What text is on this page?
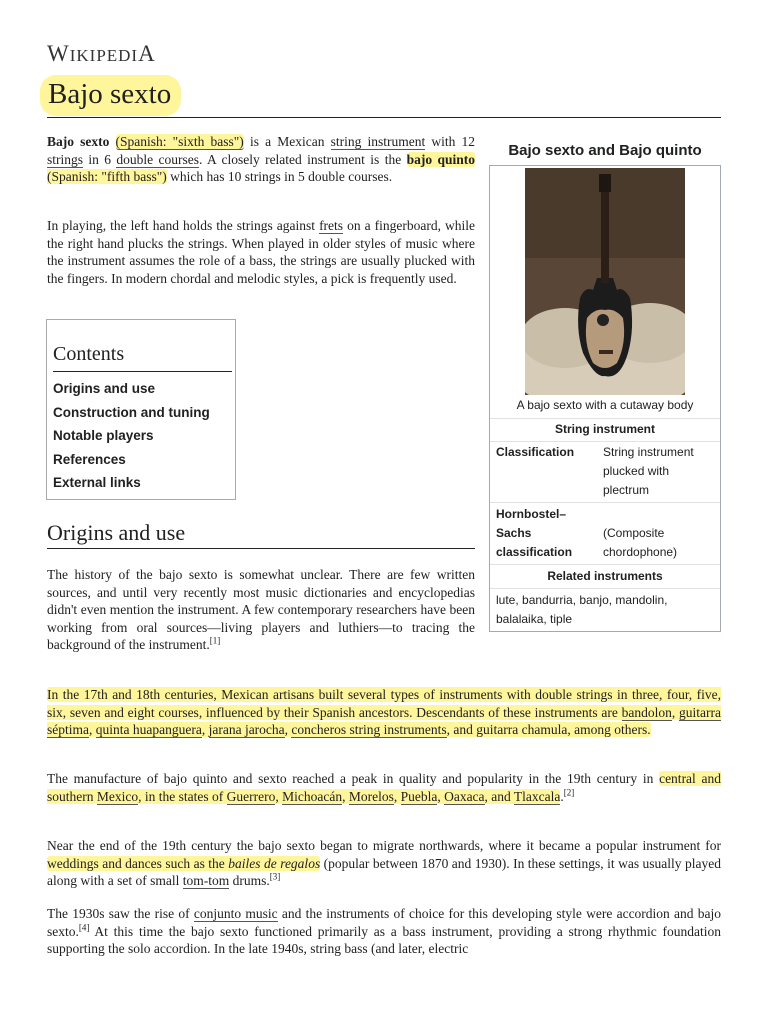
WIKIPEDIA
Bajo sexto

Bajo sexto (Spanish: "sixth bass") is a Mexican string instrument with 12 strings in 6 double courses. A closely related instrument is the bajo quinto (Spanish: "fifth bass") which has 10 strings in 5 double courses.

In playing, the left hand holds the strings against frets on a fingerboard, while the right hand plucks the strings. When played in older styles of music where the instrument assumes the role of a bass, the strings are usually plucked with the fingers. In modern chordal and melodic styles, a pick is frequently used.

Contents
Origins and use
Construction and tuning
Notable players
References
External links
Origins and use

The history of the bajo sexto is somewhat unclear. There are few written sources, and until very recently most music dictionaries and encyclopedias didn't even mention the instrument. A few contemporary researchers have been working from oral sources—living players and luthiers—to tracing the background of the instrument.[1]

In the 17th and 18th centuries, Mexican artisans built several types of instruments with double strings in three, four, five, six, seven and eight courses, influenced by their Spanish ancestors. Descendants of these instruments are bandolon, guitarra séptima, quinta huapanguera, jarana jarocha, concheros string instruments, and guitarra chamula, among others.

The manufacture of bajo quinto and sexto reached a peak in quality and popularity in the 19th century in central and southern Mexico, in the states of Guerrero, Michoacán, Morelos, Puebla, Oaxaca, and Tlaxcala.[2]

Near the end of the 19th century the bajo sexto began to migrate northwards, where it became a popular instrument for weddings and dances such as the bailes de regalos (popular between 1870 and 1930). In these settings, it was usually played along with a set of small tom-tom drums.[3]

The 1930s saw the rise of conjunto music and the instruments of choice for this developing style were accordion and bajo sexto.[4] At this time the bajo sexto functioned primarily as a bass instrument, providing a strong rhythmic foundation supporting the solo accordion. In the late 1940s, string bass (and later, electric

Bajo sexto and Bajo quinto
A bajo sexto with a cutaway body
String instrument
Classification String instrument plucked with plectrum
Hornbostel–Sachs classification
(Composite chordophone)
Related instruments
lute, bandurria, banjo, mandolin, balalaika, tiple
